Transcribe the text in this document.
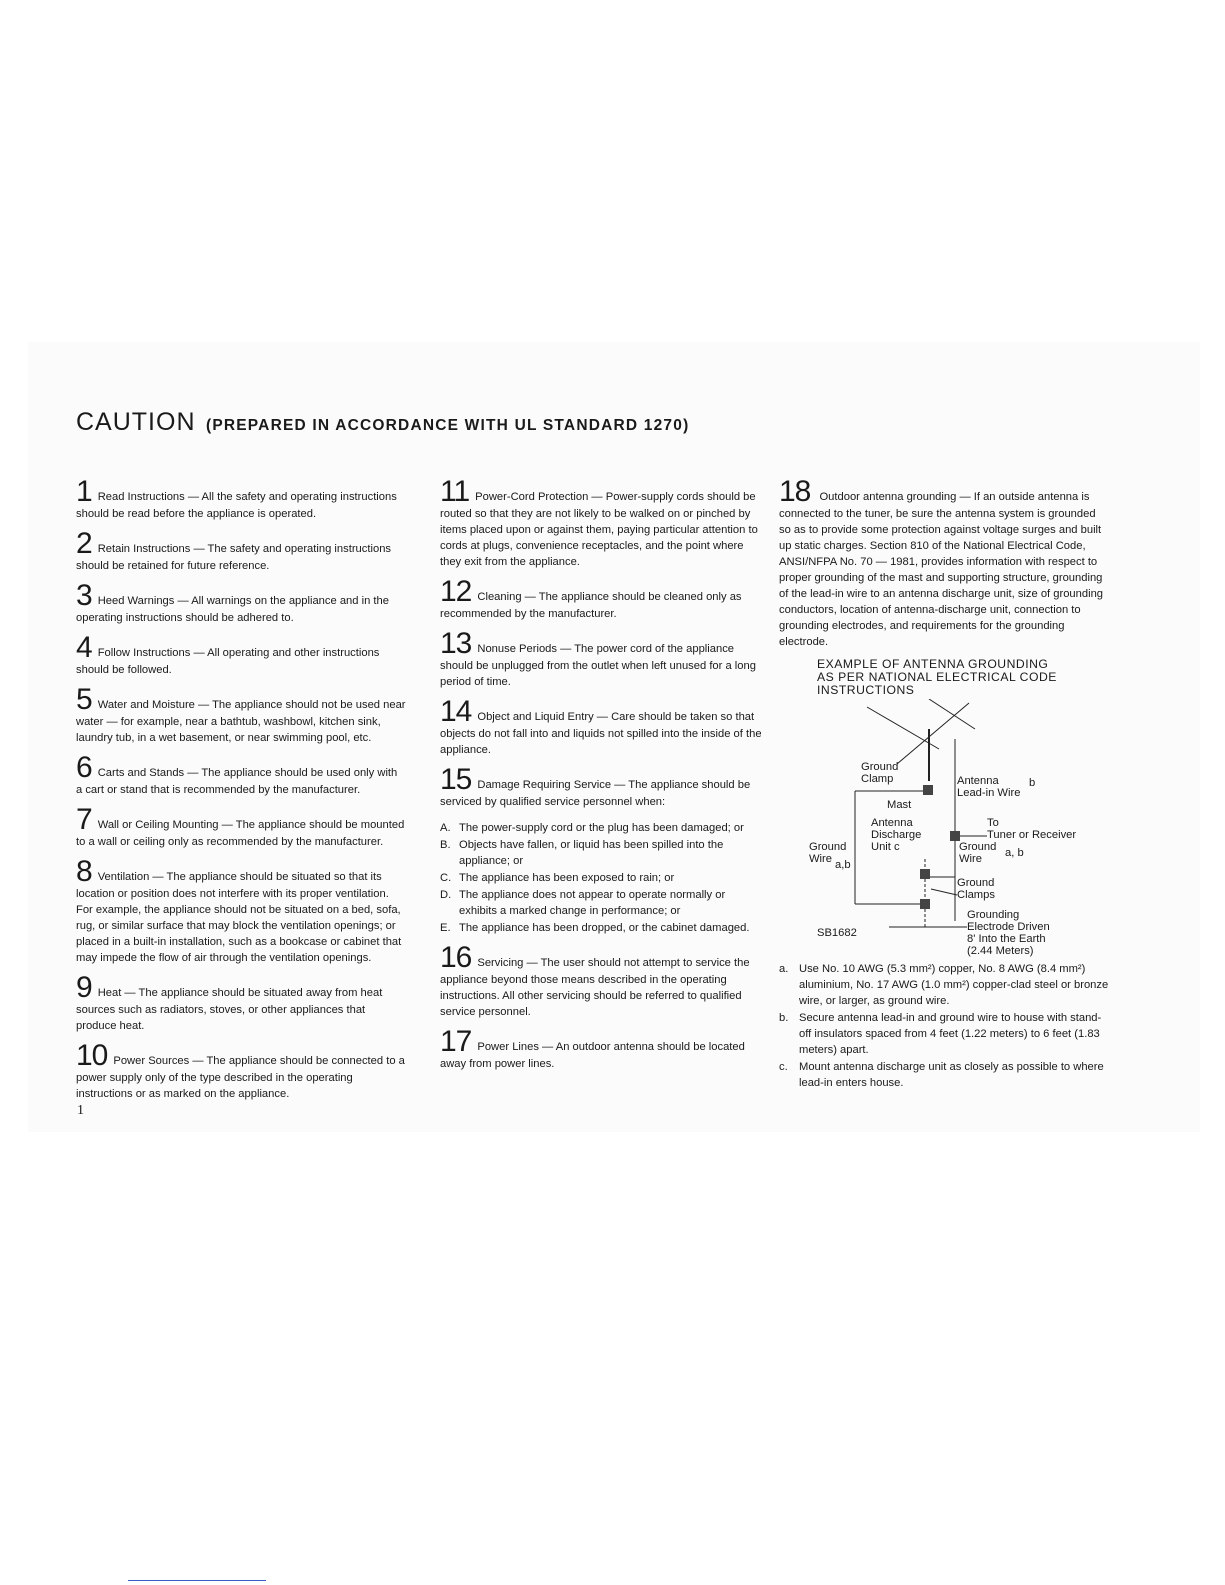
CAUTION (PREPARED IN ACCORDANCE WITH UL STANDARD 1270)
1 Read Instructions — All the safety and operating instructions should be read before the appliance is operated.
2 Retain Instructions — The safety and operating instructions should be retained for future reference.
3 Heed Warnings — All warnings on the appliance and in the operating instructions should be adhered to.
4 Follow Instructions — All operating and other instructions should be followed.
5 Water and Moisture — The appliance should not be used near water — for example, near a bathtub, washbowl, kitchen sink, laundry tub, in a wet basement, or near swimming pool, etc.
6 Carts and Stands — The appliance should be used only with a cart or stand that is recommended by the manufacturer.
7 Wall or Ceiling Mounting — The appliance should be mounted to a wall or ceiling only as recommended by the manufacturer.
8 Ventilation — The appliance should be situated so that its location or position does not interfere with its proper ventilation. For example, the appliance should not be situated on a bed, sofa, rug, or similar surface that may block the ventilation openings; or placed in a built-in installation, such as a bookcase or cabinet that may impede the flow of air through the ventilation openings.
9 Heat — The appliance should be situated away from heat sources such as radiators, stoves, or other appliances that produce heat.
10 Power Sources — The appliance should be connected to a power supply only of the type described in the operating instructions or as marked on the appliance.
11 Power-Cord Protection — Power-supply cords should be routed so that they are not likely to be walked on or pinched by items placed upon or against them, paying particular attention to cords at plugs, convenience receptacles, and the point where they exit from the appliance.
12 Cleaning — The appliance should be cleaned only as recommended by the manufacturer.
13 Nonuse Periods — The power cord of the appliance should be unplugged from the outlet when left unused for a long period of time.
14 Object and Liquid Entry — Care should be taken so that objects do not fall into and liquids not spilled into the inside of the appliance.
15 Damage Requiring Service — The appliance should be serviced by qualified service personnel when:
A. The power-supply cord or the plug has been damaged; or
B. Objects have fallen, or liquid has been spilled into the appliance; or
C. The appliance has been exposed to rain; or
D. The appliance does not appear to operate normally or exhibits a marked change in performance; or
E. The appliance has been dropped, or the cabinet damaged.
16 Servicing — The user should not attempt to service the appliance beyond those means described in the operating instructions. All other servicing should be referred to qualified service personnel.
17 Power Lines — An outdoor antenna should be located away from power lines.
18 Outdoor antenna grounding — If an outside antenna is connected to the tuner, be sure the antenna system is grounded so as to provide some protection against voltage surges and built up static charges. Section 810 of the National Electrical Code, ANSI/NFPA No. 70 — 1981, provides information with respect to proper grounding of the mast and supporting structure, grounding of the lead-in wire to an antenna discharge unit, size of grounding conductors, location of antenna-discharge unit, connection to grounding electrodes, and requirements for the grounding electrode.
EXAMPLE OF ANTENNA GROUNDING
AS PER NATIONAL ELECTRICAL CODE
INSTRUCTIONS
Ground
Clamp	Antenna
Lead-in Wire
b
Mast
Antenna
Discharge
Unit c
To
Tuner or Receiver
Ground
Wire a,b
Ground
Wire	a, b
Ground
Clamps
Grounding
Electrode Driven
8' Into the Earth
(2.44 Meters)
SB1682
a. Use No. 10 AWG (5.3 mm²) copper, No. 8 AWG (8.4 mm²) aluminium, No. 17 AWG (1.0 mm²) copper-clad steel or bronze wire, or larger, as ground wire.
b. Secure antenna lead-in and ground wire to house with stand-off insulators spaced from 4 feet (1.22 meters) to 6 feet (1.83 meters) apart.
c. Mount antenna discharge unit as closely as possible to where lead-in enters house.
1
